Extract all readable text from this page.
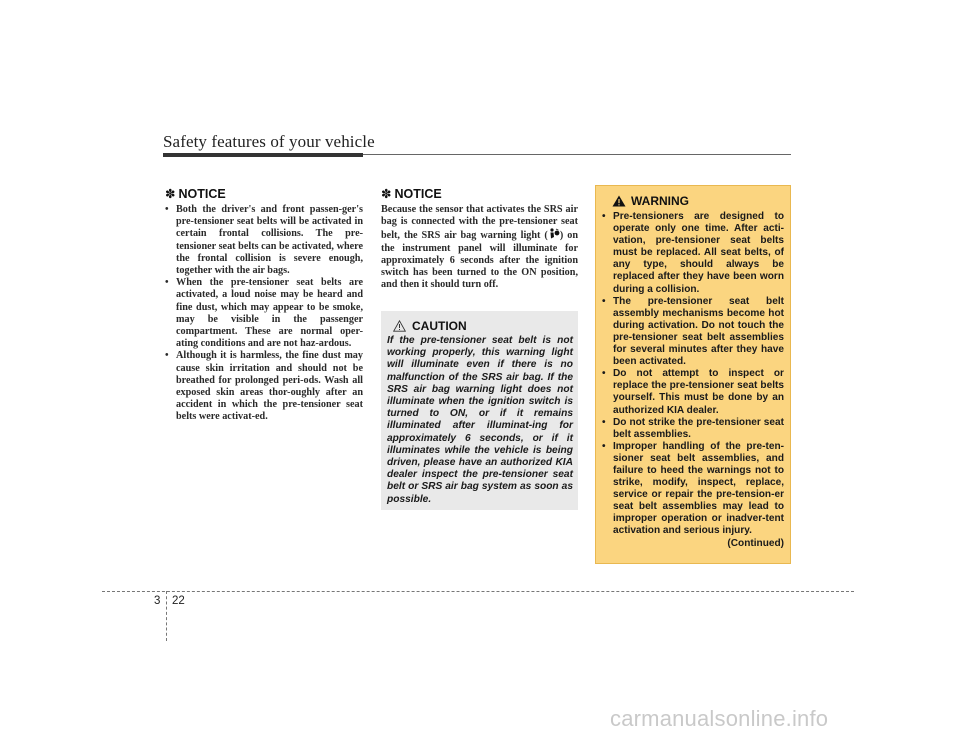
Safety features of your vehicle
✽ NOTICE
• Both the driver's and front passen-ger's pre-tensioner seat belts will be activated in certain frontal collisions. The pre-tensioner seat belts can be activated, where the frontal collision is severe enough, together with the air bags.
• When the pre-tensioner seat belts are activated, a loud noise may be heard and fine dust, which may appear to be smoke, may be visible in the passenger compartment. These are normal oper-ating conditions and are not haz-ardous.
• Although it is harmless, the fine dust may cause skin irritation and should not be breathed for prolonged peri-ods. Wash all exposed skin areas thor-oughly after an accident in which the pre-tensioner seat belts were activat-ed.
✽ NOTICE

Because the sensor that activates the SRS air bag is connected with the pre-tensioner seat belt, the SRS air bag warning light ( ) on the instrument panel will illuminate for approximately 6 seconds after the ignition switch has been turned to the ON position, and then it should turn off.

CAUTION

If the pre-tensioner seat belt is not working properly, this warning light will illuminate even if there is no malfunction of the SRS air bag. If the SRS air bag warning light does not illuminate when the ignition switch is turned to ON, or if it remains illuminated after illuminat-ing for approximately 6 seconds, or if it illuminates while the vehicle is being driven, please have an authorized KIA dealer inspect the pre-tensioner seat belt or SRS air bag system as soon as possible.

WARNING
• Pre-tensioners are designed to operate only one time. After acti-vation, pre-tensioner seat belts must be replaced. All seat belts, of any type, should always be replaced after they have been worn during a collision.
• The pre-tensioner seat belt assembly mechanisms become hot during activation. Do not touch the pre-tensioner seat belt assemblies for several minutes after they have been activated.
• Do not attempt to inspect or replace the pre-tensioner seat belts yourself. This must be done by an authorized KIA dealer.
• Do not strike the pre-tensioner seat belt assemblies.
• Improper handling of the pre-ten-sioner seat belt assemblies, and failure to heed the warnings not to strike, modify, inspect, replace, service or repair the pre-tension-er seat belt assemblies may lead to improper operation or inadver-tent activation and serious injury.
(Continued)
3 22
carmanualsonline.info
